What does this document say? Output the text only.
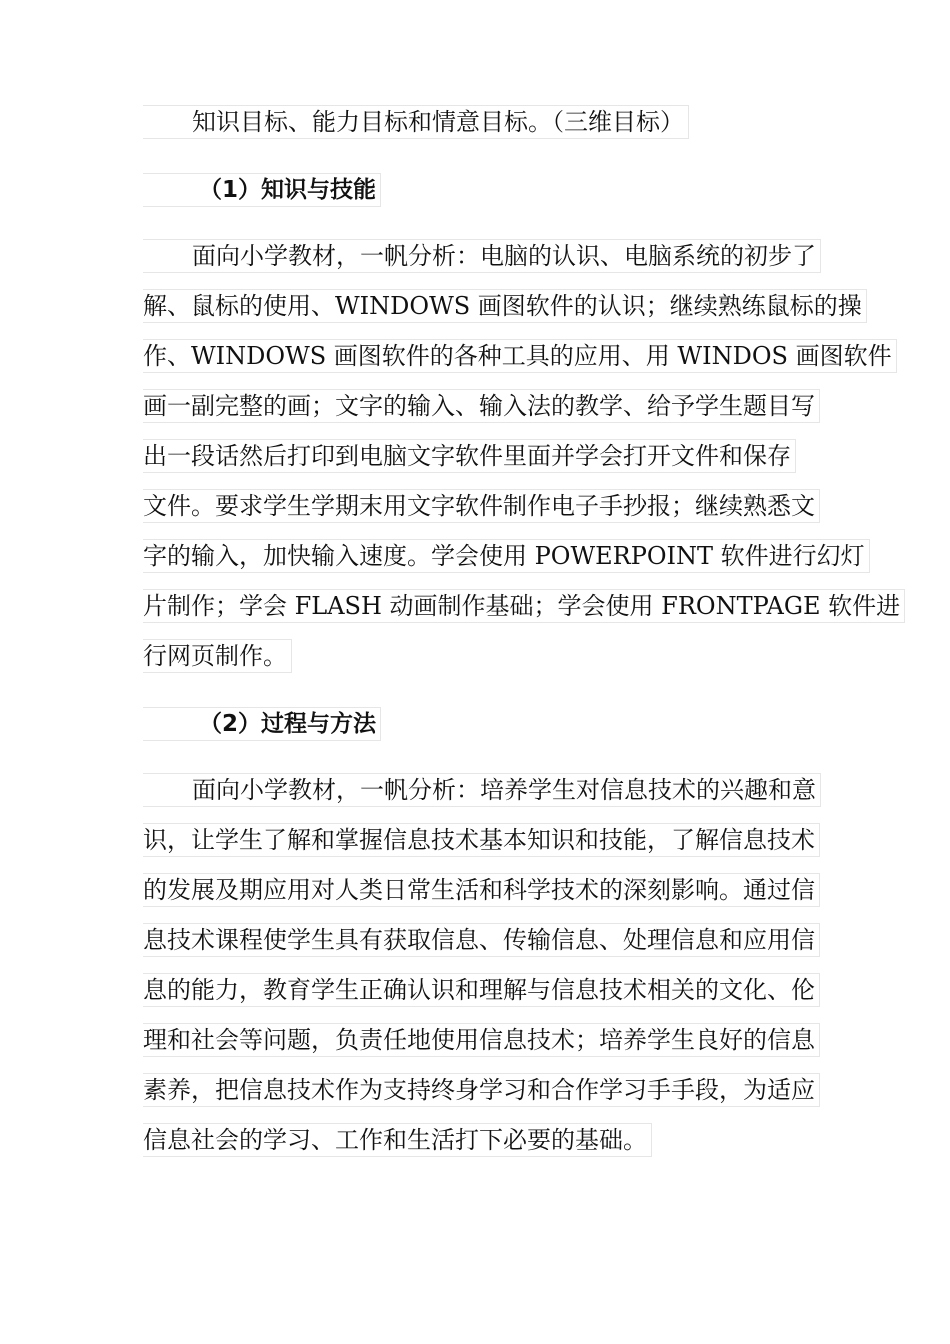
知识目标、能力目标和情意目标。（三维目标）
（1）知识与技能
面向小学教材，一帆分析：电脑的认识、电脑系统的初步了
解、鼠标的使用、WINDOWS 画图软件的认识；继续熟练鼠标的操
作、WINDOWS 画图软件的各种工具的应用、用 WINDOS 画图软件
画一副完整的画；文字的输入、输入法的教学、给予学生题目写
出一段话然后打印到电脑文字软件里面并学会打开文件和保存
文件。要求学生学期末用文字软件制作电子手抄报；继续熟悉文
字的输入，加快输入速度。学会使用 POWERPOINT 软件进行幻灯
片制作；学会 FLASH 动画制作基础；学会使用 FRONTPAGE 软件进
行网页制作。
（2）过程与方法
面向小学教材，一帆分析：培养学生对信息技术的兴趣和意
识，让学生了解和掌握信息技术基本知识和技能，了解信息技术
的发展及期应用对人类日常生活和科学技术的深刻影响。通过信
息技术课程使学生具有获取信息、传输信息、处理信息和应用信
息的能力，教育学生正确认识和理解与信息技术相关的文化、伦
理和社会等问题，负责任地使用信息技术；培养学生良好的信息
素养，把信息技术作为支持终身学习和合作学习手手段，为适应
信息社会的学习、工作和生活打下必要的基础。
